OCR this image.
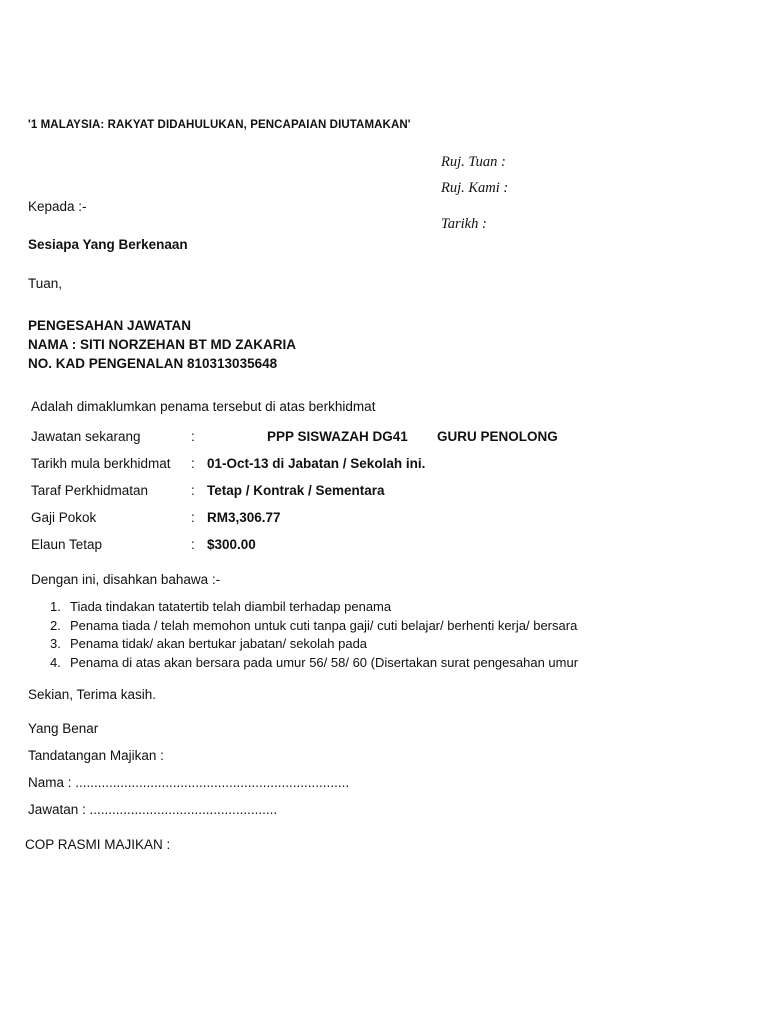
'1 MALAYSIA: RAKYAT DIDAHULUKAN, PENCAPAIAN DIUTAMAKAN'
Ruj. Tuan :
Ruj. Kami :
Tarikh :
Kepada :-
Sesiapa Yang Berkenaan
Tuan,
PENGESAHAN JAWATAN
NAMA : SITI NORZEHAN BT MD ZAKARIA
NO. KAD PENGENALAN 810313035648
Adalah dimaklumkan penama tersebut di atas berkhidmat
Jawatan sekarang	:	PPP SISWAZAH DG41 GURU PENOLONG
Tarikh mula berkhidmat : 01-Oct-13 di Jabatan / Sekolah ini.
Taraf Perkhidmatan	: Tetap / Kontrak / Sementara
Gaji Pokok	: RM3,306.77
Elaun Tetap	: $300.00
Dengan ini, disahkan bahawa :-
1. Tiada tindakan tatatertib telah diambil terhadap penama
2. Penama tiada / telah memohon untuk cuti tanpa gaji/ cuti belajar/ berhenti kerja/ bersara
3. Penama tidak/ akan bertukar jabatan/ sekolah pada
4. Penama di atas akan bersara pada umur 56/ 58/ 60 (Disertakan surat pengesahan umur
Sekian, Terima kasih.
Yang Benar
Tandatangan Majikan :
Nama : .........................................................................
Jawatan : ..................................................
COP RASMI MAJIKAN :
